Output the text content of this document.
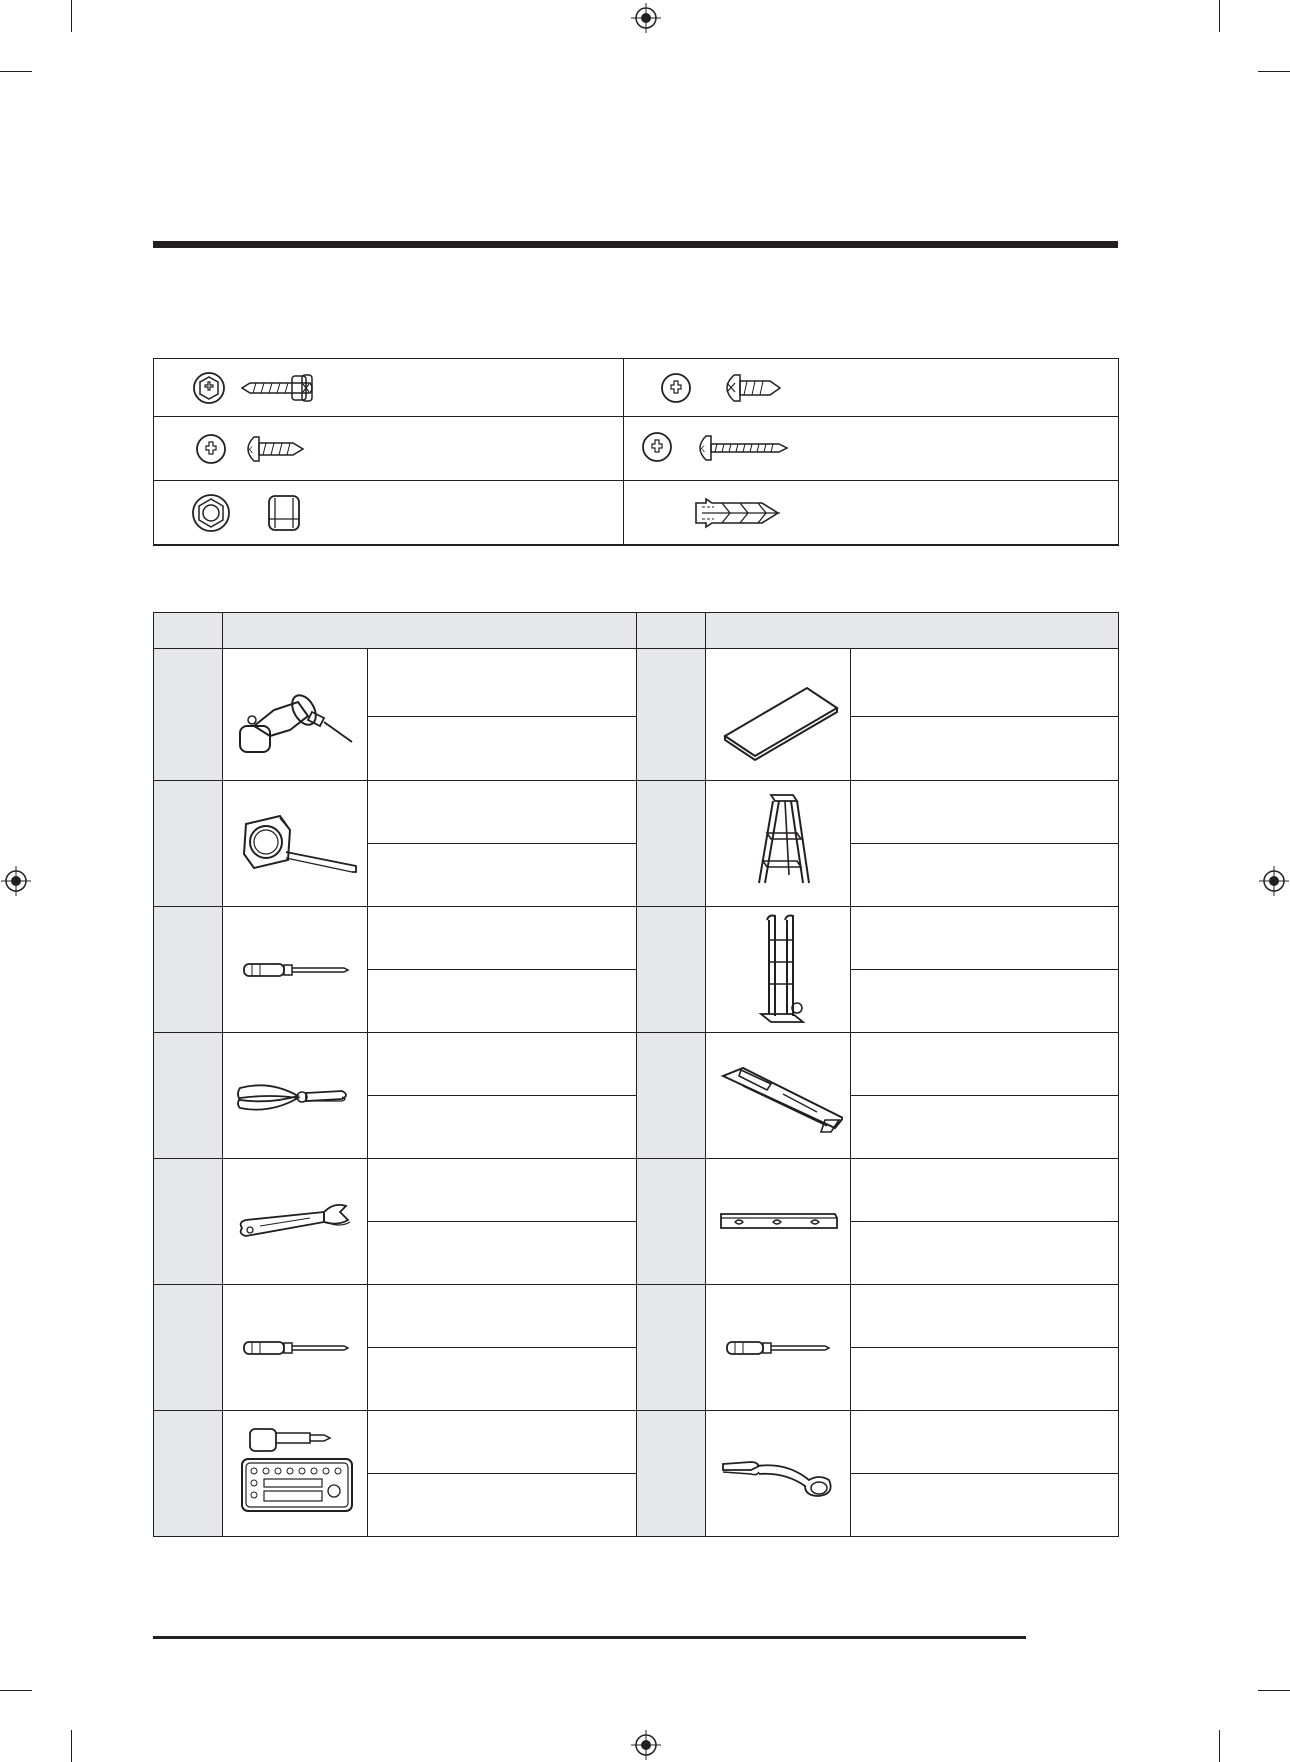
K	K
